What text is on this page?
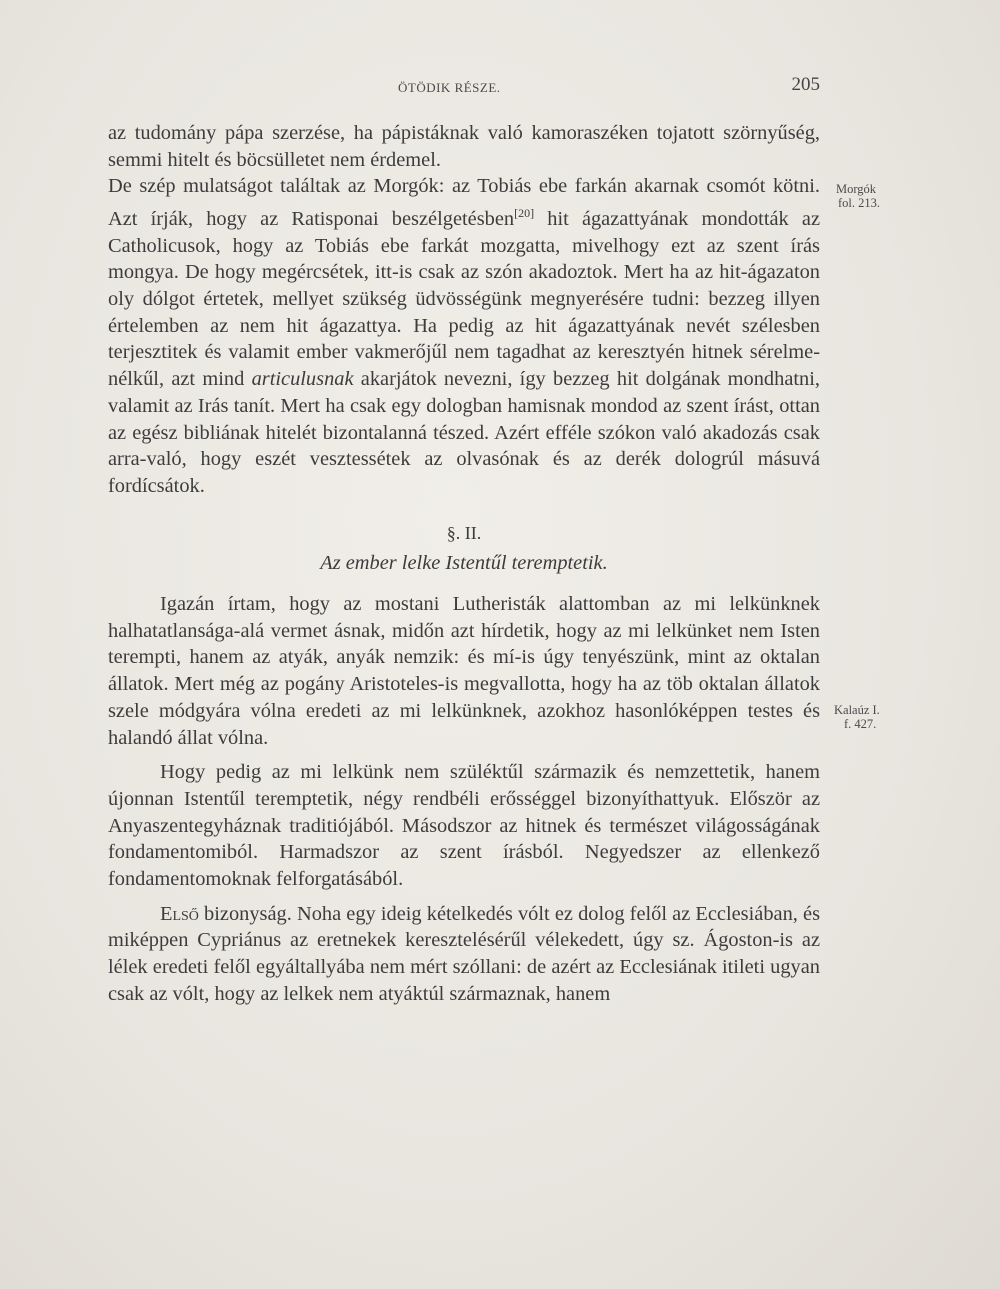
ÖTÖDIK RÉSZE.	205
Morgók
fol. 213.
Kalaúz I.
f. 427.

az tudomány pápa szerzése, ha pápistáknak való kamoraszéken tojatott szörnyűség, semmi hitelt és böcsülletet nem érdemel.

De szép mulatságot találtak az Morgók: az Tobiás ebe farkán akarnak csomót kötni. Azt írják, hogy az Ratisponai beszélgetésben[20] hit ágazattyának mondották az Catholicusok, hogy az Tobiás ebe farkát mozgatta, mivelhogy ezt az szent írás mongya. De hogy megércsétek, itt-is csak az szón akadoztok. Mert ha az hit-ágazaton oly dólgot értetek, mellyet szükség üdvösségünk megnyerésére tudni: bezzeg illyen értelemben az nem hit ágazattya. Ha pedig az hit ágazattyának nevét szélesben terjesztitek és valamit ember vakmerőjűl nem tagadhat az keresztyén hitnek sérelme-nélkűl, azt mind articulusnak akarjátok nevezni, így bezzeg hit dolgának mondhatni, valamit az Irás tanít. Mert ha csak egy dologban hamisnak mondod az szent írást, ottan az egész bibliának hitelét bizontalanná tészed. Azért efféle szókon való akadozás csak arra-való, hogy eszét vesztessétek az olvasónak és az derék dologrúl másuvá fordícsátok.

§. II.

Az ember lelke Istentűl teremptetik.

Igazán írtam, hogy az mostani Lutheristák alattomban az mi lelkünknek halhatatlansága-alá vermet ásnak, midőn azt hírdetik, hogy az mi lelkünket nem Isten terempti, hanem az atyák, anyák nemzik: és mí-is úgy tenyészünk, mint az oktalan állatok. Mert még az pogány Aristoteles-is megvallotta, hogy ha az töb oktalan állatok szele módgyára vólna eredeti az mi lelkünknek, azokhoz hasonlóképpen testes és halandó állat vólna.

Hogy pedig az mi lelkünk nem szüléktűl származik és nemzettetik, hanem újonnan Istentűl teremptetik, négy rendbéli erősséggel bizonyíthattyuk. Először az Anyaszentegyháznak traditiójából. Másodszor az hitnek és természet világosságának fondamentomiból. Harmadszor az szent írásból. Negyedszer az ellenkező fondamentomoknak felforgatásából.

Első bizonyság. Noha egy ideig kételkedés vólt ez dolog felől az Ecclesiában, és miképpen Cypriánus az eretnekek keresztelésérűl vélekedett, úgy sz. Ágoston-is az lélek eredeti felől egyáltallyába nem mért szóllani: de azért az Ecclesiának itileti ugyan csak az vólt, hogy az lelkek nem atyáktúl származnak, hanem
